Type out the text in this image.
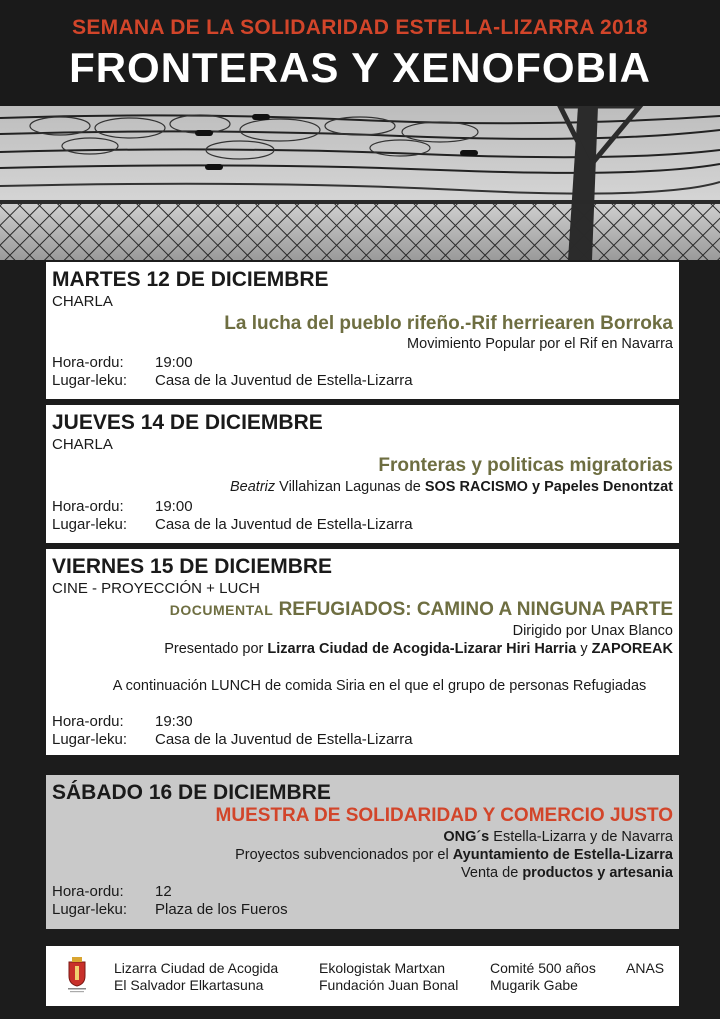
SEMANA DE LA SOLIDARIDAD ESTELLA-LIZARRA 2018
FRONTERAS Y XENOFOBIA
MARTES 12 DE DICIEMBRE
CHARLA
La lucha del pueblo rifeño.-Rif herriearen Borroka
Movimiento Popular por el Rif en Navarra
Hora-ordu: 19:00
Lugar-leku: Casa de la Juventud de Estella-Lizarra
JUEVES 14 DE DICIEMBRE
CHARLA
Fronteras y politicas migratorias
Beatriz Villahizan Lagunas de SOS RACISMO y Papeles Denontzat
Hora-ordu: 19:00
Lugar-leku: Casa de la Juventud de Estella-Lizarra
VIERNES 15 DE DICIEMBRE
CINE - PROYECCIÓN + LUCH
DOCUMENTAL REFUGIADOS: CAMINO A NINGUNA PARTE
Dirigido por Unax Blanco
Presentado por Lizarra Ciudad de Acogida-Lizarar Hiri Harria y ZAPOREAK
A continuación LUNCH de comida Siria en el que el grupo de personas Refugiadas
Hora-ordu: 19:30
Lugar-leku: Casa de la Juventud de Estella-Lizarra
SÁBADO 16 DE DICIEMBRE
MUESTRA DE SOLIDARIDAD Y COMERCIO JUSTO
ONG´s Estella-Lizarra y de Navarra
Proyectos subvencionados por el Ayuntamiento de Estella-Lizarra
Venta de productos y artesania
Hora-ordu: 12
Lugar-leku: Plaza de los Fueros
Lizarra Ciudad de Acogida
El Salvador Elkartasuna
Ekologistak Martxan
Fundación Juan Bonal
Comité 500 años
Mugarik Gabe
ANAS
